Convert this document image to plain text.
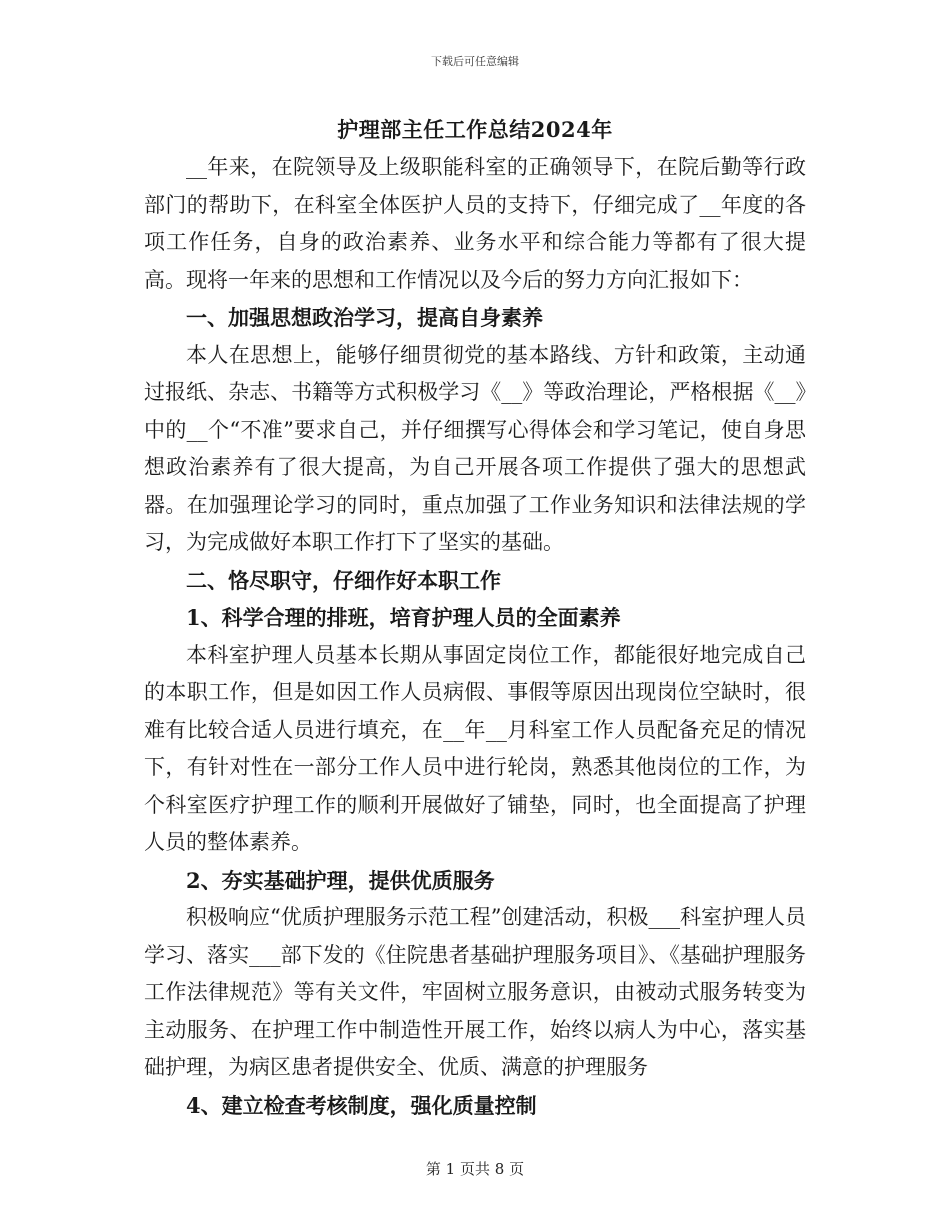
下载后可任意编辑
护理部主任工作总结2024年

__年来，在院领导及上级职能科室的正确领导下，在院后勤等行政部门的帮助下，在科室全体医护人员的支持下，仔细完成了__年度的各项工作任务，自身的政治素养、业务水平和综合能力等都有了很大提高。现将一年来的思想和工作情况以及今后的努力方向汇报如下：

一、加强思想政治学习，提高自身素养

本人在思想上，能够仔细贯彻党的基本路线、方针和政策，主动通过报纸、杂志、书籍等方式积极学习《__》等政治理论，严格根据《__》中的__个“不准”要求自己，并仔细撰写心得体会和学习笔记，使自身思想政治素养有了很大提高，为自己开展各项工作提供了强大的思想武器。在加强理论学习的同时，重点加强了工作业务知识和法律法规的学习，为完成做好本职工作打下了坚实的基础。

二、恪尽职守，仔细作好本职工作

1、科学合理的排班，培育护理人员的全面素养

本科室护理人员基本长期从事固定岗位工作，都能很好地完成自己的本职工作，但是如因工作人员病假、事假等原因出现岗位空缺时，很难有比较合适人员进行填充，在__年__月科室工作人员配备充足的情况下，有针对性在一部分工作人员中进行轮岗，熟悉其他岗位的工作，为个科室医疗护理工作的顺利开展做好了铺垫，同时，也全面提高了护理人员的整体素养。

2、夯实基础护理，提供优质服务

积极响应“优质护理服务示范工程”创建活动，积极___科室护理人员学习、落实___部下发的《住院患者基础护理服务项目》、《基础护理服务工作法律规范》等有关文件，牢固树立服务意识，由被动式服务转变为主动服务、在护理工作中制造性开展工作，始终以病人为中心，落实基础护理，为病区患者提供安全、优质、满意的护理服务

4、建立检查考核制度，强化质量控制

第 1 页共 8 页
